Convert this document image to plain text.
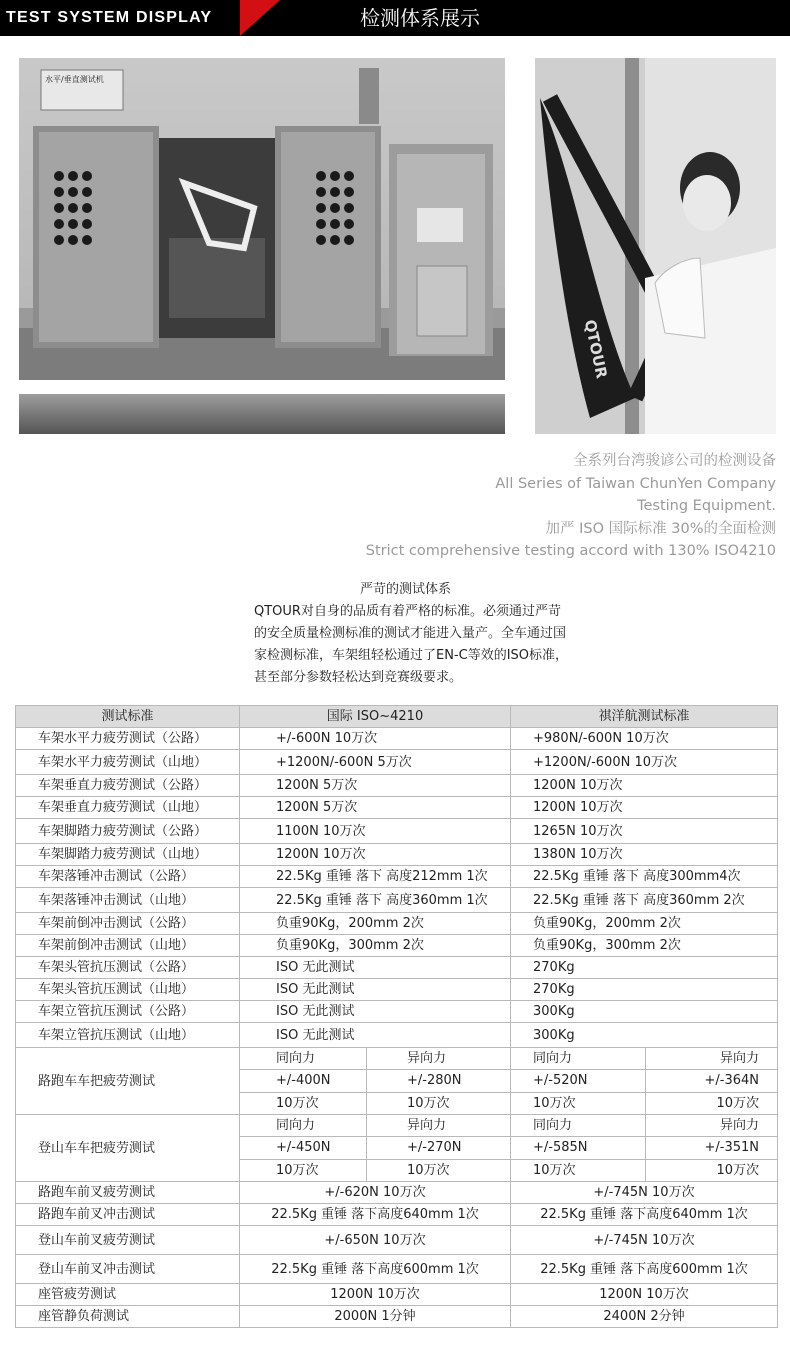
TEST SYSTEM DISPLAY	检测体系展示
水平/垂直测试机
QTOUR
全系列台湾骏谚公司的检测设备
All Series of Taiwan ChunYen Company
Testing Equipment.
加严 ISO 国际标准 30%的全面检测
Strict comprehensive testing accord with 130% ISO4210
严苛的测试体系
QTOUR对自身的品质有着严格的标准。必须通过严苛
的安全质量检测标准的测试才能进入量产。全车通过国
家检测标准，车架组轻松通过了EN-C等效的ISO标准，
甚至部分参数轻松达到竞赛级要求。
测试标准	国际 ISO~4210		祺洋航测试标准	
车架水平力疲劳测试（公路）	+/-600N 10万次		+980N/-600N 10万次	
车架水平力疲劳测试（山地）	+1200N/-600N 5万次		+1200N/-600N 10万次	
车架垂直力疲劳测试（公路）	1200N 5万次		1200N 10万次	
车架垂直力疲劳测试（山地）	1200N 5万次		1200N 10万次	
车架脚踏力疲劳测试（公路）	1100N 10万次		1265N 10万次	
车架脚踏力疲劳测试（山地）	1200N 10万次		1380N 10万次	
车架落锤冲击测试（公路）	22.5Kg 重锤 落下 高度212mm 1次		22.5Kg 重锤 落下 高度300mm4次	
车架落锤冲击测试（山地）	22.5Kg 重锤 落下 高度360mm 1次		22.5Kg 重锤 落下 高度360mm 2次	
车架前倒冲击测试（公路）	负重90Kg，200mm 2次		负重90Kg，200mm 2次	
车架前倒冲击测试（山地）	负重90Kg，300mm 2次		负重90Kg，300mm 2次	
车架头管抗压测试（公路）	ISO 无此测试		270Kg	
车架头管抗压测试（山地）	ISO 无此测试		270Kg	
车架立管抗压测试（公路）	ISO 无此测试		300Kg	
车架立管抗压测试（山地）	ISO 无此测试		300Kg	
路跑车车把疲劳测试	同向力	异向力	同向力	异向力
	+/-400N	+/-280N	+/-520N	+/-364N
	10万次	10万次	10万次	10万次
登山车车把疲劳测试	同向力	异向力	同向力	异向力
	+/-450N	+/-270N	+/-585N	+/-351N
	10万次	10万次	10万次	10万次
路跑车前叉疲劳测试	+/-620N 10万次		+/-745N 10万次	
路跑车前叉冲击测试	22.5Kg 重锤 落下高度640mm 1次		22.5Kg 重锤 落下高度640mm 1次	
登山车前叉疲劳测试	+/-650N 10万次		+/-745N 10万次	
登山车前叉冲击测试	22.5Kg 重锤 落下高度600mm 1次		22.5Kg 重锤 落下高度600mm 1次	
座管疲劳测试	1200N 10万次		1200N 10万次	
座管静负荷测试	2000N 1分钟		2400N 2分钟	
